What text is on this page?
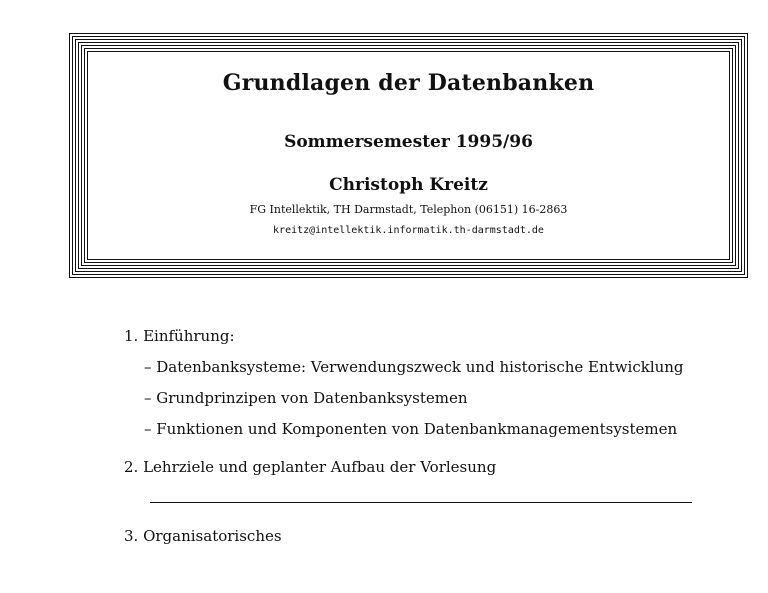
Grundlagen der Datenbanken
Sommersemester 1995/96
Christoph Kreitz
FG Intellektik, TH Darmstadt, Telephon (06151) 16-2863
kreitz@intellektik.informatik.th-darmstadt.de
1. Einführung:
– Datenbanksysteme: Verwendungszweck und historische Entwicklung
– Grundprinzipen von Datenbanksystemen
– Funktionen und Komponenten von Datenbankmanagementsystemen
2. Lehrziele und geplanter Aufbau der Vorlesung
3. Organisatorisches
